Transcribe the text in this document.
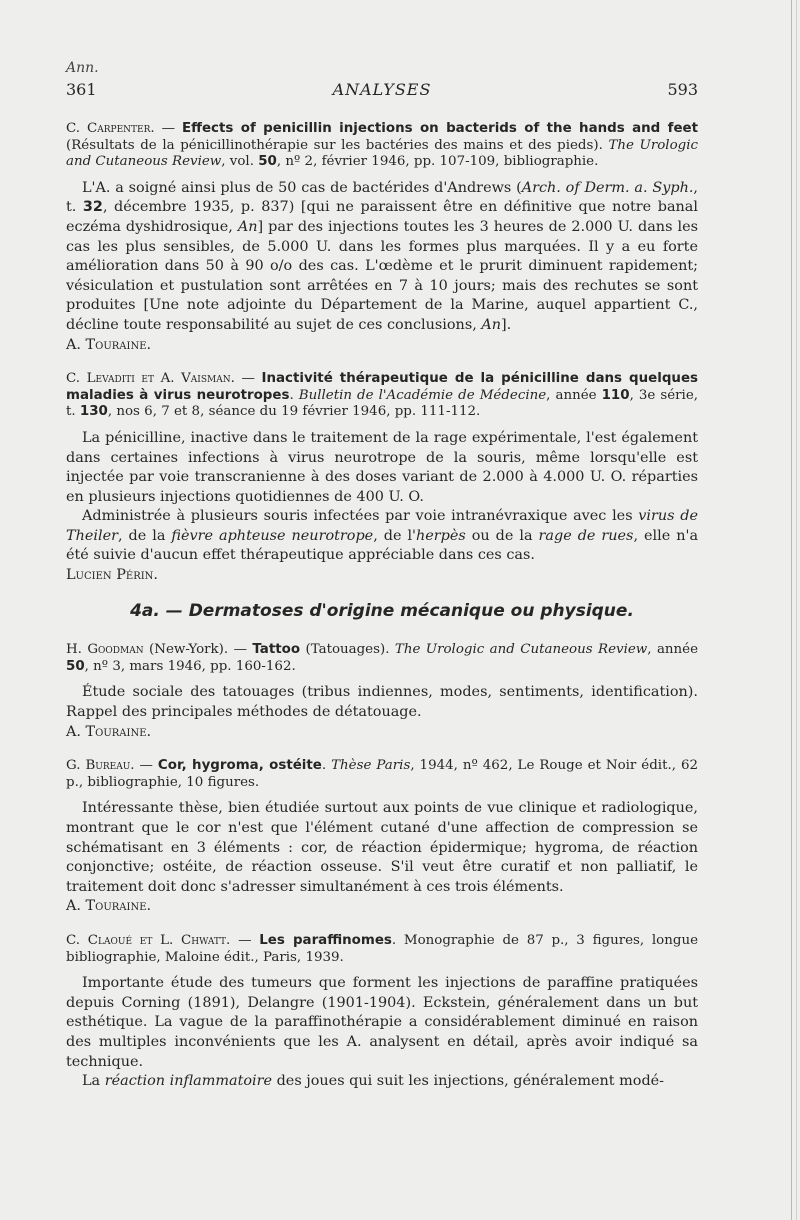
Ann.
361	ANALYSES	593

C. Carpenter. — Effects of penicillin injections on bacterids of the hands and feet (Résultats de la pénicillinothérapie sur les bactéries des mains et des pieds). The Urologic and Cutaneous Review, vol. 50, nº 2, février 1946, pp. 107-109, bibliographie.

L'A. a soigné ainsi plus de 50 cas de bactérides d'Andrews (Arch. of Derm. a. Syph., t. 32, décembre 1935, p. 837) [qui ne paraissent être en définitive que notre banal eczéma dyshidrosique, An] par des injections toutes les 3 heures de 2.000 U. dans les cas les plus sensibles, de 5.000 U. dans les formes plus marquées. Il y a eu forte amélioration dans 50 à 90 o/o des cas. L'œdème et le prurit diminuent rapidement; vésiculation et pustulation sont arrêtées en 7 à 10 jours; mais des rechutes se sont produites [Une note adjointe du Département de la Marine, auquel appartient C., décline toute responsabilité au sujet de ces conclusions, An].

A. Touraine.

C. Levaditi et A. Vaisman. — Inactivité thérapeutique de la pénicilline dans quelques maladies à virus neurotropes. Bulletin de l'Académie de Médecine, année 110, 3e série, t. 130, nos 6, 7 et 8, séance du 19 février 1946, pp. 111-112.

La pénicilline, inactive dans le traitement de la rage expérimentale, l'est également dans certaines infections à virus neurotrope de la souris, même lorsqu'elle est injectée par voie transcranienne à des doses variant de 2.000 à 4.000 U. O. réparties en plusieurs injections quotidiennes de 400 U. O.

Administrée à plusieurs souris infectées par voie intranévraxique avec les virus de Theiler, de la fièvre aphteuse neurotrope, de l'herpès ou de la rage de rues, elle n'a été suivie d'aucun effet thérapeutique appréciable dans ces cas.

Lucien Périn.

4a. — Dermatoses d'origine mécanique ou physique.

H. Goodman (New-York). — Tattoo (Tatouages). The Urologic and Cutaneous Review, année 50, nº 3, mars 1946, pp. 160-162.

Étude sociale des tatouages (tribus indiennes, modes, sentiments, identification). Rappel des principales méthodes de détatouage.

A. Touraine.

G. Bureau. — Cor, hygroma, ostéite. Thèse Paris, 1944, nº 462, Le Rouge et Noir édit., 62 p., bibliographie, 10 figures.

Intéressante thèse, bien étudiée surtout aux points de vue clinique et radiologique, montrant que le cor n'est que l'élément cutané d'une affection de compression se schématisant en 3 éléments : cor, de réaction épidermique; hygroma, de réaction conjonctive; ostéite, de réaction osseuse. S'il veut être curatif et non palliatif, le traitement doit donc s'adresser simultanément à ces trois éléments.

A. Touraine.

C. Claoué et L. Chwatt. — Les paraffinomes. Monographie de 87 p., 3 figures, longue bibliographie, Maloine édit., Paris, 1939.

Importante étude des tumeurs que forment les injections de paraffine pratiquées depuis Corning (1891), Delangre (1901-1904). Eckstein, généralement dans un but esthétique. La vague de la paraffinothérapie a considérablement diminué en raison des multiples inconvénients que les A. analysent en détail, après avoir indiqué sa technique.

La réaction inflammatoire des joues qui suit les injections, généralement modé-
